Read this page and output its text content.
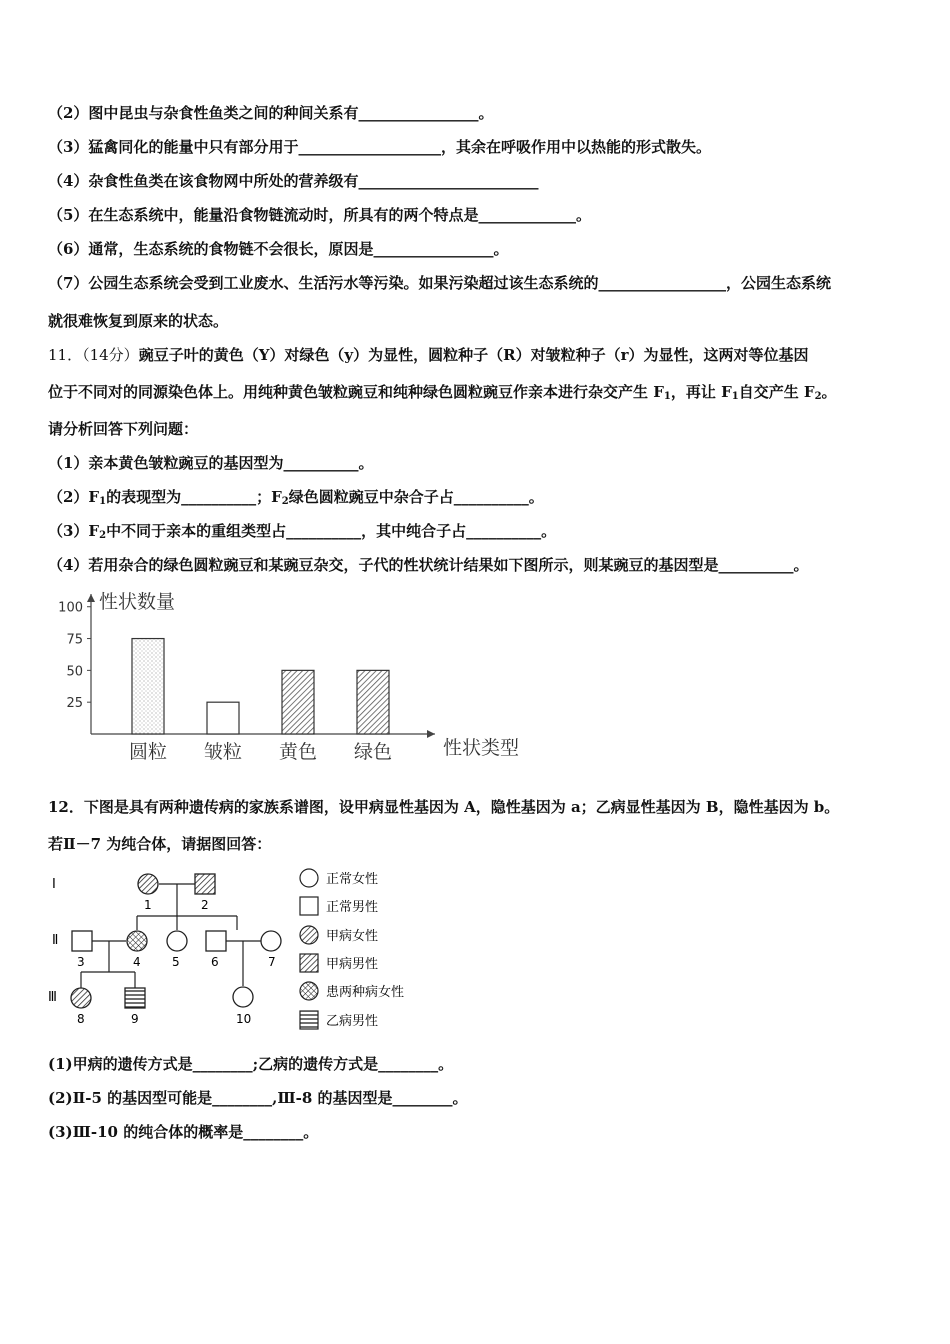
（2）图中昆虫与杂食性鱼类之间的种间关系有________________。
（3）猛禽同化的能量中只有部分用于___________________，其余在呼吸作用中以热能的形式散失。
（4）杂食性鱼类在该食物网中所处的营养级有________________________
（5）在生态系统中，能量沿食物链流动时，所具有的两个特点是_____________。
（6）通常，生态系统的食物链不会很长，原因是________________。
（7）公园生态系统会受到工业废水、生活污水等污染。如果污染超过该生态系统的_________________，公园生态系统
就很难恢复到原来的状态。
11．（14分）豌豆子叶的黄色（Y）对绿色（y）为显性，圆粒种子（R）对皱粒种子（r）为显性，这两对等位基因
位于不同对的同源染色体上。用纯种黄色皱粒豌豆和纯种绿色圆粒豌豆作亲本进行杂交产生 $F_1$，再让 $F_1$自交产生 $F_2$。
请分析回答下列问题：
（1）亲本黄色皱粒豌豆的基因型为__________。
$(2)F_1$的表现型为__________；$F_2$绿色圆粒豌豆中杂合子占__________。
$(3)F_2$中不同于亲本的重组类型占__________，其中纯合子占__________。
（4）若用杂合的绿色圆粒豌豆和某豌豆杂交，子代的性状统计结果如下图所示，则某豌豆的基因型是__________。
性状数量
性状类型
100
75
50
25
圆粒 皱粒 黄色 绿色
12．下图是具有两种遗传病的家族系谱图，设甲病显性基因为 A，隐性基因为 a；乙病显性基因为 B，隐性基因为 b。
若Ⅱ－7 为纯合体，请据图回答：
Ⅰ
Ⅱ
Ⅲ
1	2
3	4	5	6	7
8	9	10
正常女性
正常男性
甲病女性
甲病男性
患两种病女性
乙病男性
(1)甲病的遗传方式是________;乙病的遗传方式是________。
(2)Ⅱ-5 的基因型可能是________,Ⅲ-8 的基因型是________。
(3)Ⅲ-10 的纯合体的概率是________。
